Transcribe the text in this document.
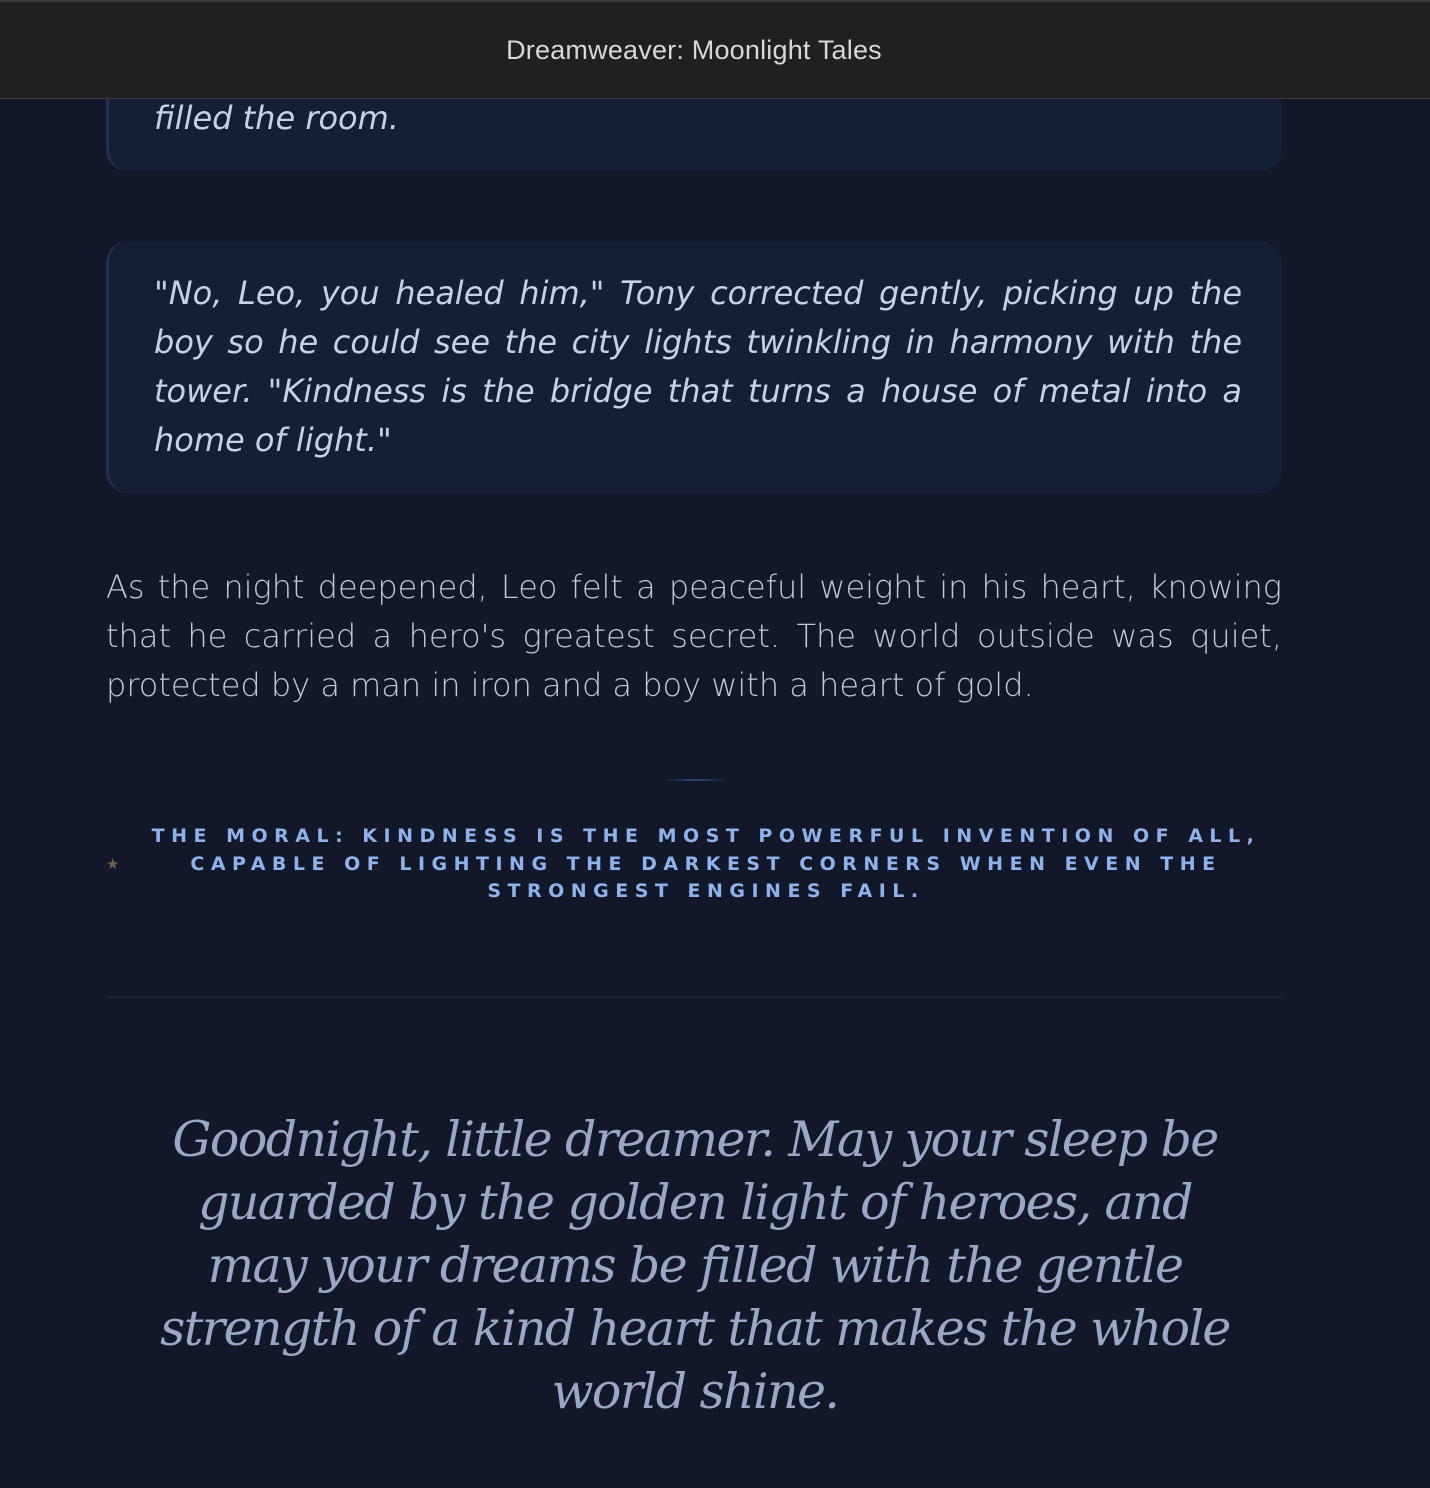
filled the room.

"No, Leo, you healed him," Tony corrected gently, picking up the boy so he could see the city lights twinkling in harmony with the tower. "Kindness is the bridge that turns a house of metal into a home of light."

As the night deepened, Leo felt a peaceful weight in his heart, knowing that he carried a hero's greatest secret. The world outside was quiet, protected by a man in iron and a boy with a heart of gold.

★

THE MORAL: KINDNESS IS THE MOST POWERFUL INVENTION OF ALL, CAPABLE OF LIGHTING THE DARKEST CORNERS WHEN EVEN THE STRONGEST ENGINES FAIL.

Goodnight, little dreamer. May your sleep be guarded by the golden light of heroes, and may your dreams be filled with the gentle strength of a kind heart that makes the whole world shine.

Dreamweaver: Moonlight Tales
